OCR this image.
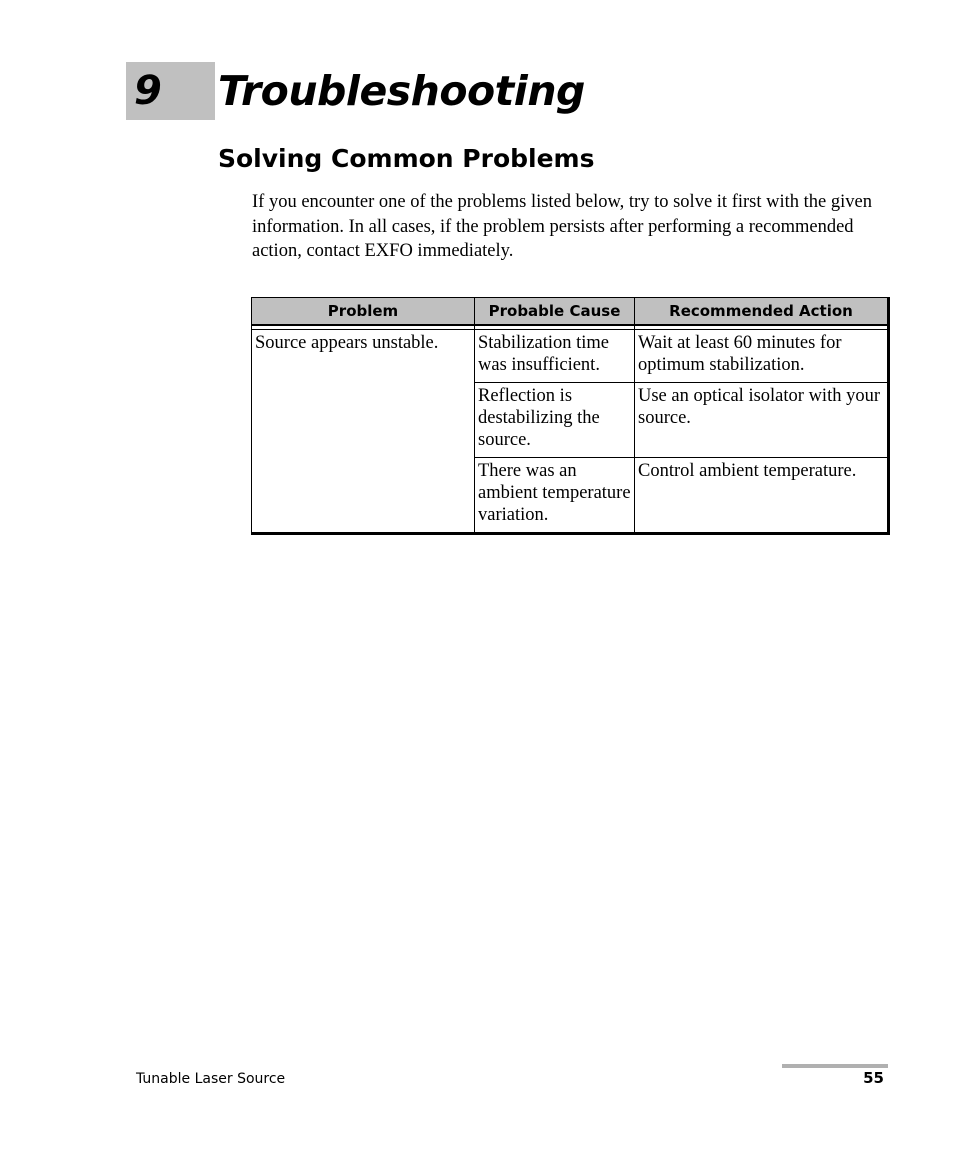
9 Troubleshooting
Solving Common Problems

If you encounter one of the problems listed below, try to solve it first with the given information. In all cases, if the problem persists after performing a recommended action, contact EXFO immediately.

Problem	Probable Cause	Recommended Action

Source appears unstable.	Stabilization time was insufficient.	Wait at least 60 minutes for optimum stabilization.
	Reflection is destabilizing the source.	Use an optical isolator with your source.
	There was an ambient temperature variation.	Control ambient temperature.
Tunable Laser Source	55
